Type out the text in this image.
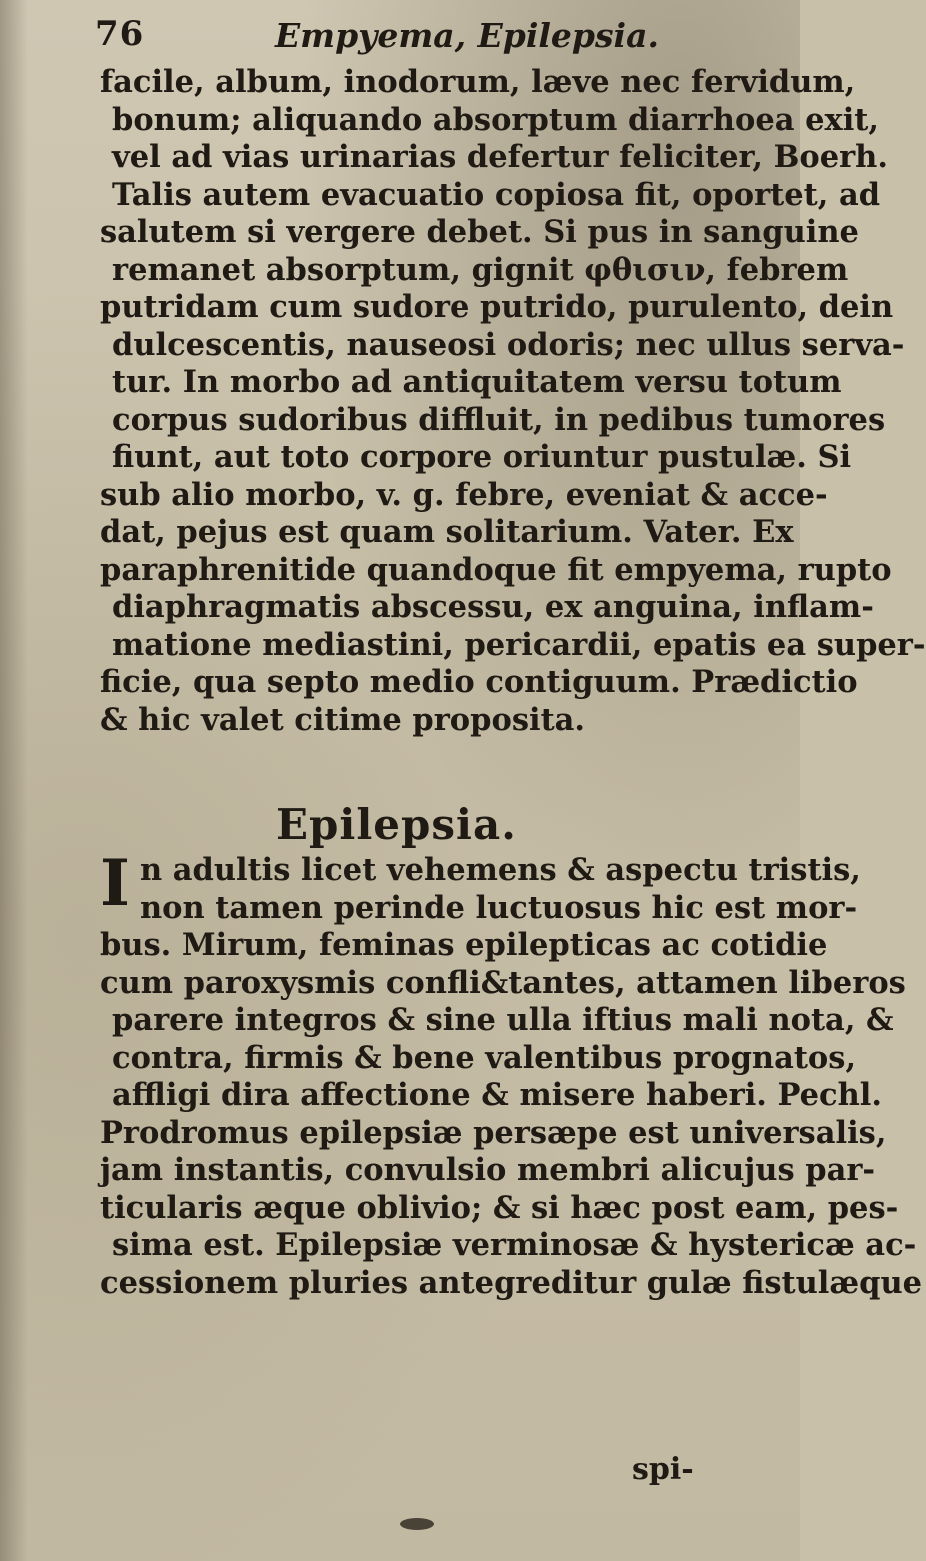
76	Empyema, Epilepsia.
facile, album, inodorum, læve nec fervidum,
bonum; aliquando absorptum diarrhoea exit,
vel ad vias urinarias defertur feliciter, Boerh.
Talis autem evacuatio copiosa fit, oportet, ad
salutem si vergere debet. Si pus in sanguine
remanet absorptum, gignit φθισιν, febrem
putridam cum sudore putrido, purulento, dein
dulcescentis, nauseosi odoris; nec ullus serva-
tur. In morbo ad antiquitatem versu totum
corpus sudoribus diffluit, in pedibus tumores
fiunt, aut toto corpore oriuntur pustulæ. Si
sub alio morbo, v. g. febre, eveniat & acce-
dat, pejus est quam solitarium. Vater. Ex
paraphrenitide quandoque fit empyema, rupto
diaphragmatis abscessu, ex anguina, inflam-
matione mediastini, pericardii, epatis ea super-
ficie, qua septo medio contiguum. Prædictio
& hic valet citime proposita.
Epilepsia.
I n adultis licet vehemens & aspectu tristis,
non tamen perinde luctuosus hic est mor-
bus. Mirum, feminas epilepticas ac cotidie
cum paroxysmis confli&tantes, attamen liberos
parere integros & sine ulla iftius mali nota, &
contra, firmis & bene valentibus prognatos,
affligi dira affectione & misere haberi. Pechl.
Prodromus epilepsiæ persæpe est universalis,
jam instantis, convulsio membri alicujus par-
ticularis æque oblivio; & si hæc post eam, pes-
sima est. Epilepsiæ verminosæ & hystericæ ac-
cessionem pluries antegreditur gulæ fistulæque
spi-
